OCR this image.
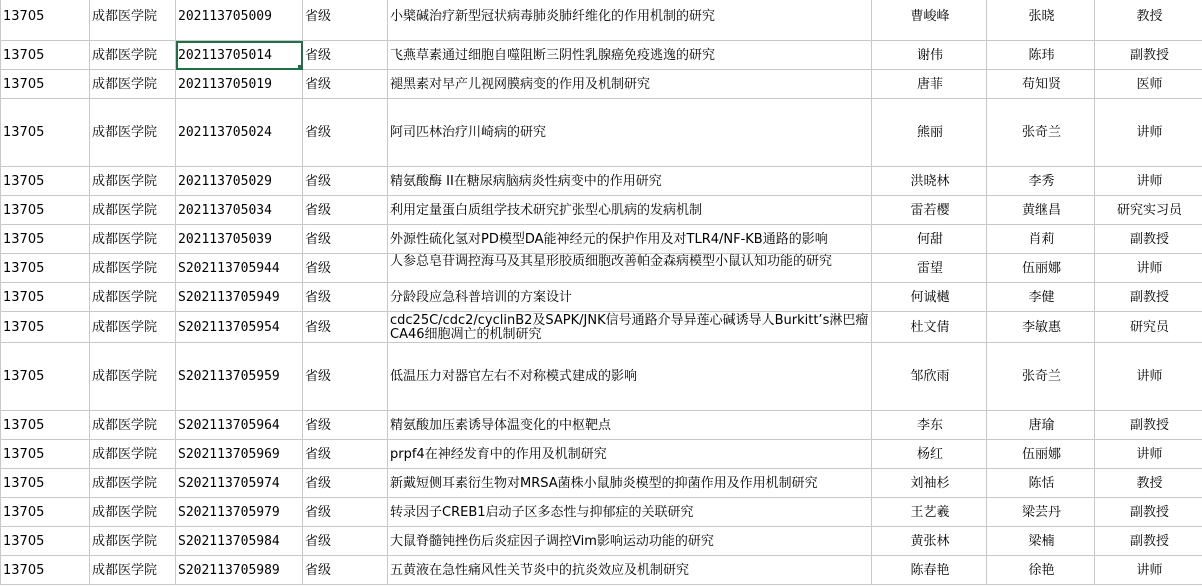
13705	成都医学院	202113705009	省级	小檗碱治疗新型冠状病毒肺炎肺纤维化的作用机制的研究	曹峻峰	张晓	教授
13705	成都医学院	202113705014	省级	飞燕草素通过细胞自噬阻断三阴性乳腺癌免疫逃逸的研究	谢伟	陈玮	副教授
13705	成都医学院	202113705019	省级	褪黑素对早产儿视网膜病变的作用及机制研究	唐菲	苟知贤	医师
13705	成都医学院	202113705024	省级	阿司匹林治疗川崎病的研究	熊丽	张奇兰	讲师
13705	成都医学院	202113705029	省级	精氨酸酶 II在糖尿病脑病炎性病变中的作用研究	洪晓林	李秀	讲师
13705	成都医学院	202113705034	省级	利用定量蛋白质组学技术研究扩张型心肌病的发病机制	雷若樱	黄继昌	研究实习员
13705	成都医学院	202113705039	省级	外源性硫化氢对PD模型DA能神经元的保护作用及对TLR4/NF-ΚB通路的影响	何甜	肖莉	副教授
13705	成都医学院	S202113705944	省级	人参总皂苷调控海马及其星形胶质细胞改善帕金森病模型小鼠认知功能的研究	雷望	伍丽娜	讲师
13705	成都医学院	S202113705949	省级	分龄段应急科普培训的方案设计	何诚樾	李健	副教授
13705	成都医学院	S202113705954	省级	cdc25C/cdc2/cyclinB2及SAPK/JNK信号通路介导异莲心碱诱导人Burkitt’s淋巴瘤CA46细胞凋亡的机制研究	杜文倩	李敏惠	研究员
13705	成都医学院	S202113705959	省级	低温压力对器官左右不对称模式建成的影响	邹欣雨	张奇兰	讲师
13705	成都医学院	S202113705964	省级	精氨酸加压素诱导体温变化的中枢靶点	李东	唐瑜	副教授
13705	成都医学院	S202113705969	省级	prpf4在神经发育中的作用及机制研究	杨红	伍丽娜	讲师
13705	成都医学院	S202113705974	省级	新戴短侧耳素衍生物对MRSA菌株小鼠肺炎模型的抑菌作用及作用机制研究	刘袖杉	陈恬	教授
13705	成都医学院	S202113705979	省级	转录因子CREB1启动子区多态性与抑郁症的关联研究	王艺羲	梁芸丹	副教授
13705	成都医学院	S202113705984	省级	大鼠脊髓钝挫伤后炎症因子调控Vim影响运动功能的研究	黄张林	梁楠	副教授
13705	成都医学院	S202113705989	省级	五黄液在急性痛风性关节炎中的抗炎效应及机制研究	陈春艳	徐艳	讲师
